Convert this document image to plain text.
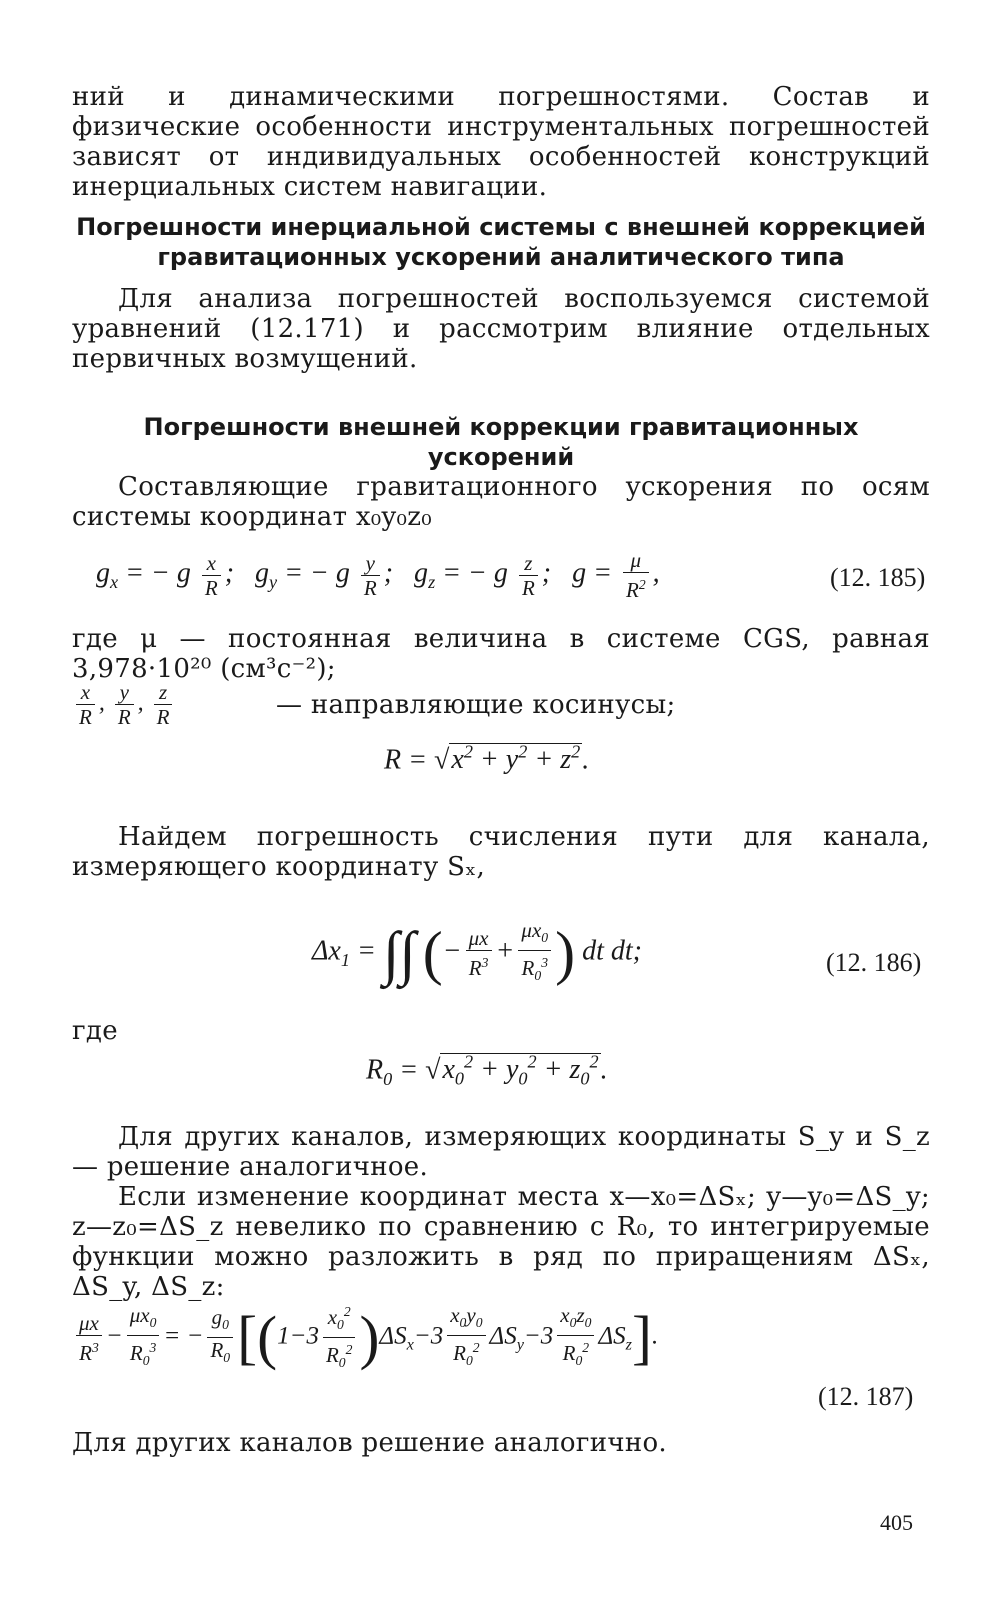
ний и динамическими погрешностями. Состав и физические особенности инструментальных погрешностей зависят от индивидуальных особенностей конструкций инерциальных систем навигации.
Погрешности инерциальной системы с внешней коррекцией гравитационных ускорений аналитического типа
Для анализа погрешностей воспользуемся системой уравнений (12.171) и рассмотрим влияние отдельных первичных возмущений.
Погрешности внешней коррекции гравитационных ускорений
Составляющие гравитационного ускорения по осям системы координат x₀y₀z₀
$g_x$ = − g $\frac{x}{R}$ ;   $g_y$ = − g $\frac{y}{R}$ ;   $g_z$ = − g $\frac{z}{R}$ ;   $g = \frac{\mu}{R^2}$ ,	(12. 185)
где μ — постоянная величина в системе CGS, равная 3,978·10²⁰ (см³с⁻²);
$\frac{x}{R}$ , $\frac{y}{R}$ , $\frac{z}{R}$	— направляющие косинусы;
$R = √x^2 + y^2 + z^2$.
Найдем погрешность счисления пути для канала, измеряющего координату Sₓ,
$\Delta x_1$ = ∫∫ (− $\frac{\mu x}{R^3} + \frac{\mu x_0}{R_0^3}$ ) dt dt;	(12. 186)
где
$R_0 = √x_0^2 + y_0^2 + z_0^2$.
Для других каналов, измеряющих координаты S_y и S_z — решение аналогичное.
Если изменение координат места x—x₀=ΔSₓ; y—y₀=ΔS_y; z—z₀=ΔS_z невелико по сравнению с R₀, то интегрируемые функции можно разложить в ряд по приращениям ΔSₓ, ΔS_y, ΔS_z:
$\frac{\mu x}{R^3} - \frac{\mu x_0}{R_0^3}$ = − $\frac{g_0}{R_0} [(1-3 \frac{x_0^2}{R_0^2} )\Delta S_x-3 \frac{x_0y_0}{R_0^2} \Delta S_y-3 \frac{x_0z_0}{R_0^2} \Delta S_z]$.
(12. 187)
Для других каналов решение аналогично.
405
